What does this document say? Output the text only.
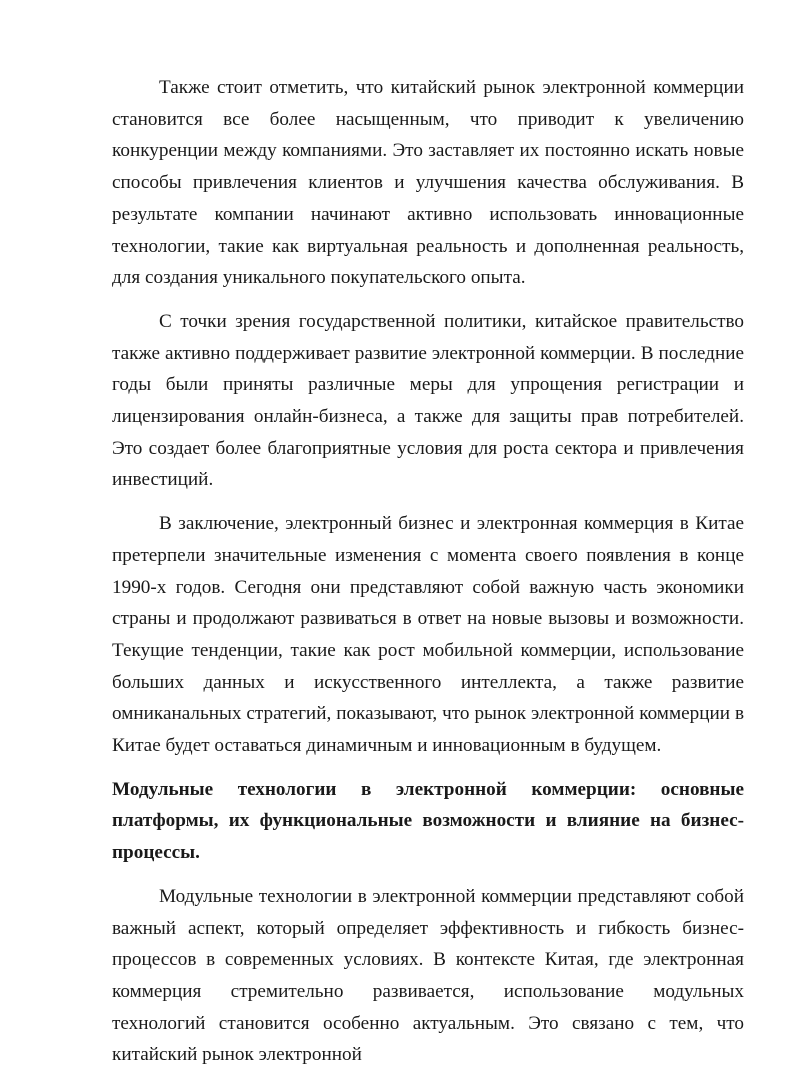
Также стоит отметить, что китайский рынок электронной коммерции становится все более насыщенным, что приводит к увеличению конкуренции между компаниями. Это заставляет их постоянно искать новые способы привлечения клиентов и улучшения качества обслуживания. В результате компании начинают активно использовать инновационные технологии, такие как виртуальная реальность и дополненная реальность, для создания уникального покупательского опыта.

С точки зрения государственной политики, китайское правительство также активно поддерживает развитие электронной коммерции. В последние годы были приняты различные меры для упрощения регистрации и лицензирования онлайн-бизнеса, а также для защиты прав потребителей. Это создает более благоприятные условия для роста сектора и привлечения инвестиций.

В заключение, электронный бизнес и электронная коммерция в Китае претерпели значительные изменения с момента своего появления в конце 1990-х годов. Сегодня они представляют собой важную часть экономики страны и продолжают развиваться в ответ на новые вызовы и возможности. Текущие тенденции, такие как рост мобильной коммерции, использование больших данных и искусственного интеллекта, а также развитие омниканальных стратегий, показывают, что рынок электронной коммерции в Китае будет оставаться динамичным и инновационным в будущем.

Модульные технологии в электронной коммерции: основные платформы, их функциональные возможности и влияние на бизнес-процессы.

Модульные технологии в электронной коммерции представляют собой важный аспект, который определяет эффективность и гибкость бизнес-процессов в современных условиях. В контексте Китая, где электронная коммерция стремительно развивается, использование модульных технологий становится особенно актуальным. Это связано с тем, что китайский рынок электронной
